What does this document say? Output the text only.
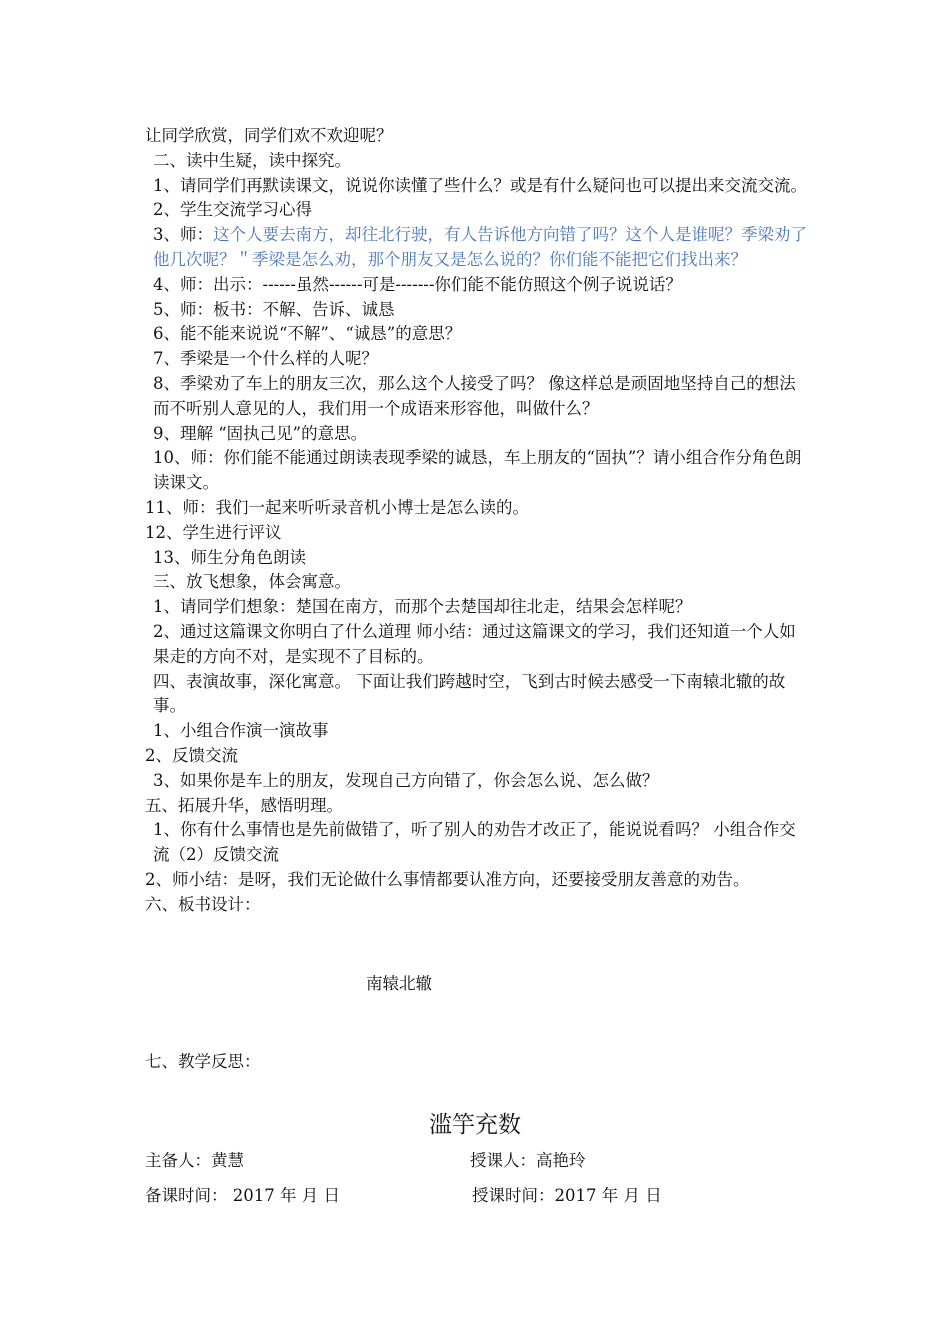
让同学欣赏，同学们欢不欢迎呢？

二、读中生疑，读中探究。

1、请同学们再默读课文，说说你读懂了些什么？或是有什么疑问也可以提出来交流交流。

2、学生交流学习心得

3、师：这个人要去南方，却往北行驶，有人告诉他方向错了吗？这个人是谁呢？季梁劝了他几次呢？＂季梁是怎么劝，那个朋友又是怎么说的？你们能不能把它们找出来？

4、师：出示：------虽然------可是-------你们能不能仿照这个例子说说话？

5、师：板书：不解、告诉、诚恳

6、能不能来说说“不解”、“诚恳”的意思？

7、季梁是一个什么样的人呢？

8、季梁劝了车上的朋友三次，那么这个人接受了吗？ 像这样总是顽固地坚持自己的想法而不听别人意见的人，我们用一个成语来形容他，叫做什么？

9、理解 “固执己见”的意思。

10、师：你们能不能通过朗读表现季梁的诚恳，车上朋友的“固执”？请小组合作分角色朗读课文。

11、师：我们一起来听听录音机小博士是怎么读的。

12、学生进行评议

13、师生分角色朗读

三、放飞想象，体会寓意。

1、请同学们想象：楚国在南方，而那个去楚国却往北走，结果会怎样呢？

2、通过这篇课文你明白了什么道理 师小结：通过这篇课文的学习，我们还知道一个人如果走的方向不对，是实现不了目标的。

四、表演故事，深化寓意。 下面让我们跨越时空，飞到古时候去感受一下南辕北辙的故事。

1、小组合作演一演故事

2、反馈交流

3、如果你是车上的朋友，发现自己方向错了，你会怎么说、怎么做？

五、拓展升华，感悟明理。

1、你有什么事情也是先前做错了，听了别人的劝告才改正了，能说说看吗？ 小组合作交流（2）反馈交流

2、师小结：是呀，我们无论做什么事情都要认准方向，还要接受朋友善意的劝告。

六、板书设计：

南辕北辙
七、教学反思：
滥竽充数
主备人：黄慧	授课人：高艳玲
备课时间： 2017 年 月 日	授课时间：2017 年 月 日
